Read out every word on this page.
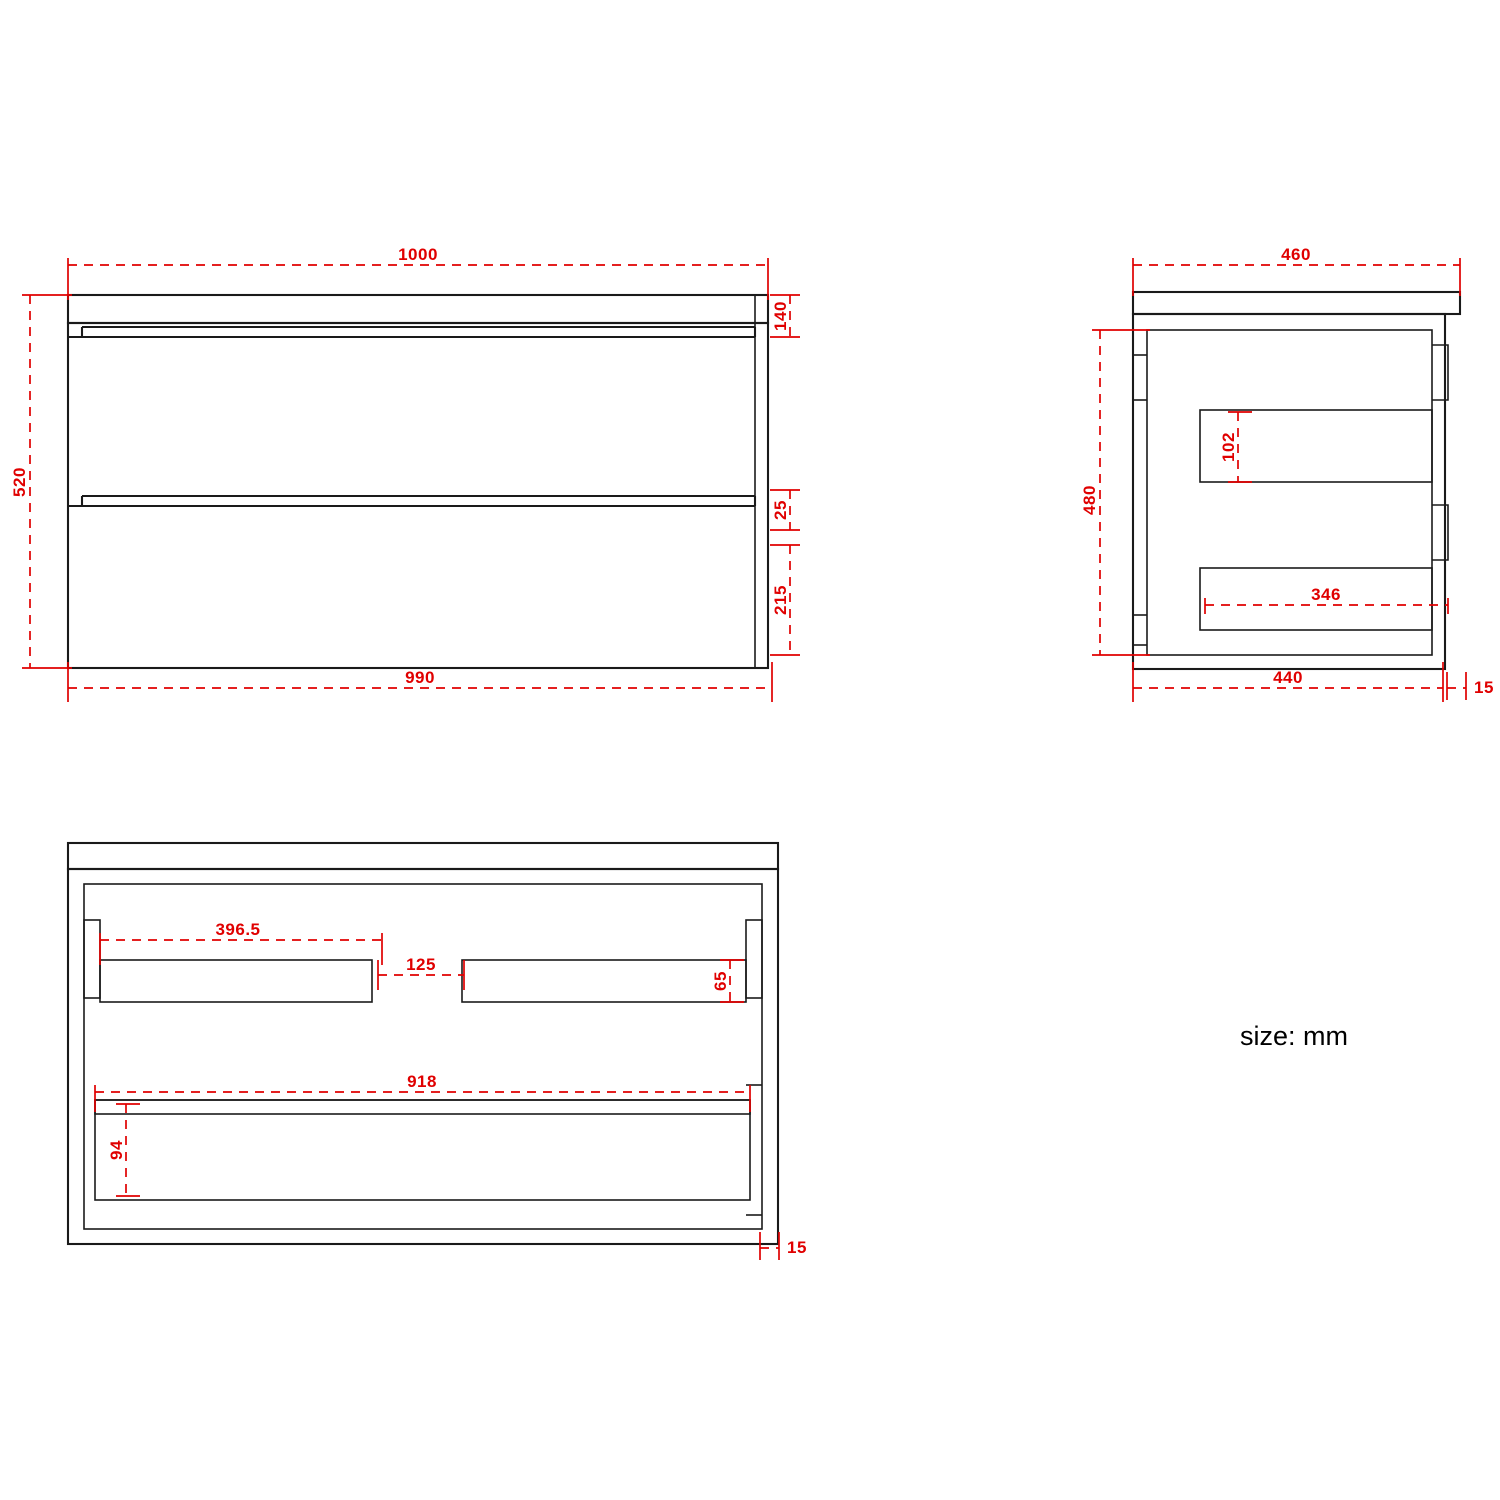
1000
520
140
25
215
990
460
480
102
346
440
15
396.5
125
65
918
94
15
size: mm
